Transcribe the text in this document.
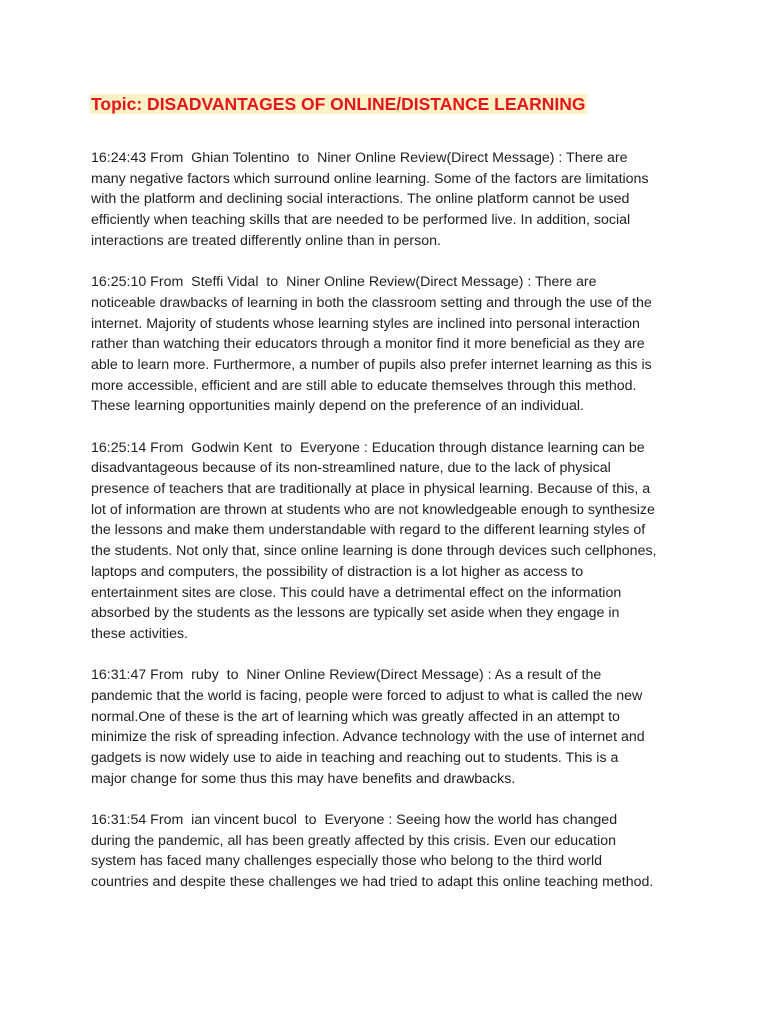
Topic: DISADVANTAGES OF ONLINE/DISTANCE LEARNING

16:24:43 From  Ghian Tolentino  to  Niner Online Review(Direct Message) : There are many negative factors which surround online learning. Some of the factors are limitations with the platform and declining social interactions. The online platform cannot be used efficiently when teaching skills that are needed to be performed live. In addition, social interactions are treated differently online than in person.

16:25:10 From  Steffi Vidal  to  Niner Online Review(Direct Message) : There are noticeable drawbacks of learning in both the classroom setting and through the use of the internet. Majority of students whose learning styles are inclined into personal interaction rather than watching their educators through a monitor find it more beneficial as they are able to learn more. Furthermore, a number of pupils also prefer internet learning as this is more accessible, efficient and are still able to educate themselves through this method. These learning opportunities mainly depend on the preference of an individual.

16:25:14 From  Godwin Kent  to  Everyone : Education through distance learning can be disadvantageous because of its non-streamlined nature, due to the lack of physical presence of teachers that are traditionally at place in physical learning. Because of this, a lot of information are thrown at students who are not knowledgeable enough to synthesize the lessons and make them understandable with regard to the different learning styles of the students. Not only that, since online learning is done through devices such cellphones, laptops and computers, the possibility of distraction is a lot higher as access to entertainment sites are close. This could have a detrimental effect on the information absorbed by the students as the lessons are typically set aside when they engage in these activities.

16:31:47 From  ruby  to  Niner Online Review(Direct Message) : As a result of the pandemic that the world is facing, people were forced to adjust to what is called the new normal.One of these is the art of learning which was greatly affected in an attempt to minimize the risk of spreading infection. Advance technology with the use of internet and gadgets is now widely use to aide in teaching and reaching out to students. This is a major change for some thus this may have benefits and drawbacks.

16:31:54 From  ian vincent bucol  to  Everyone : Seeing how the world has changed during the pandemic, all has been greatly affected by this crisis. Even our education system has faced many challenges especially those who belong to the third world countries and despite these challenges we had tried to adapt this online teaching method.
